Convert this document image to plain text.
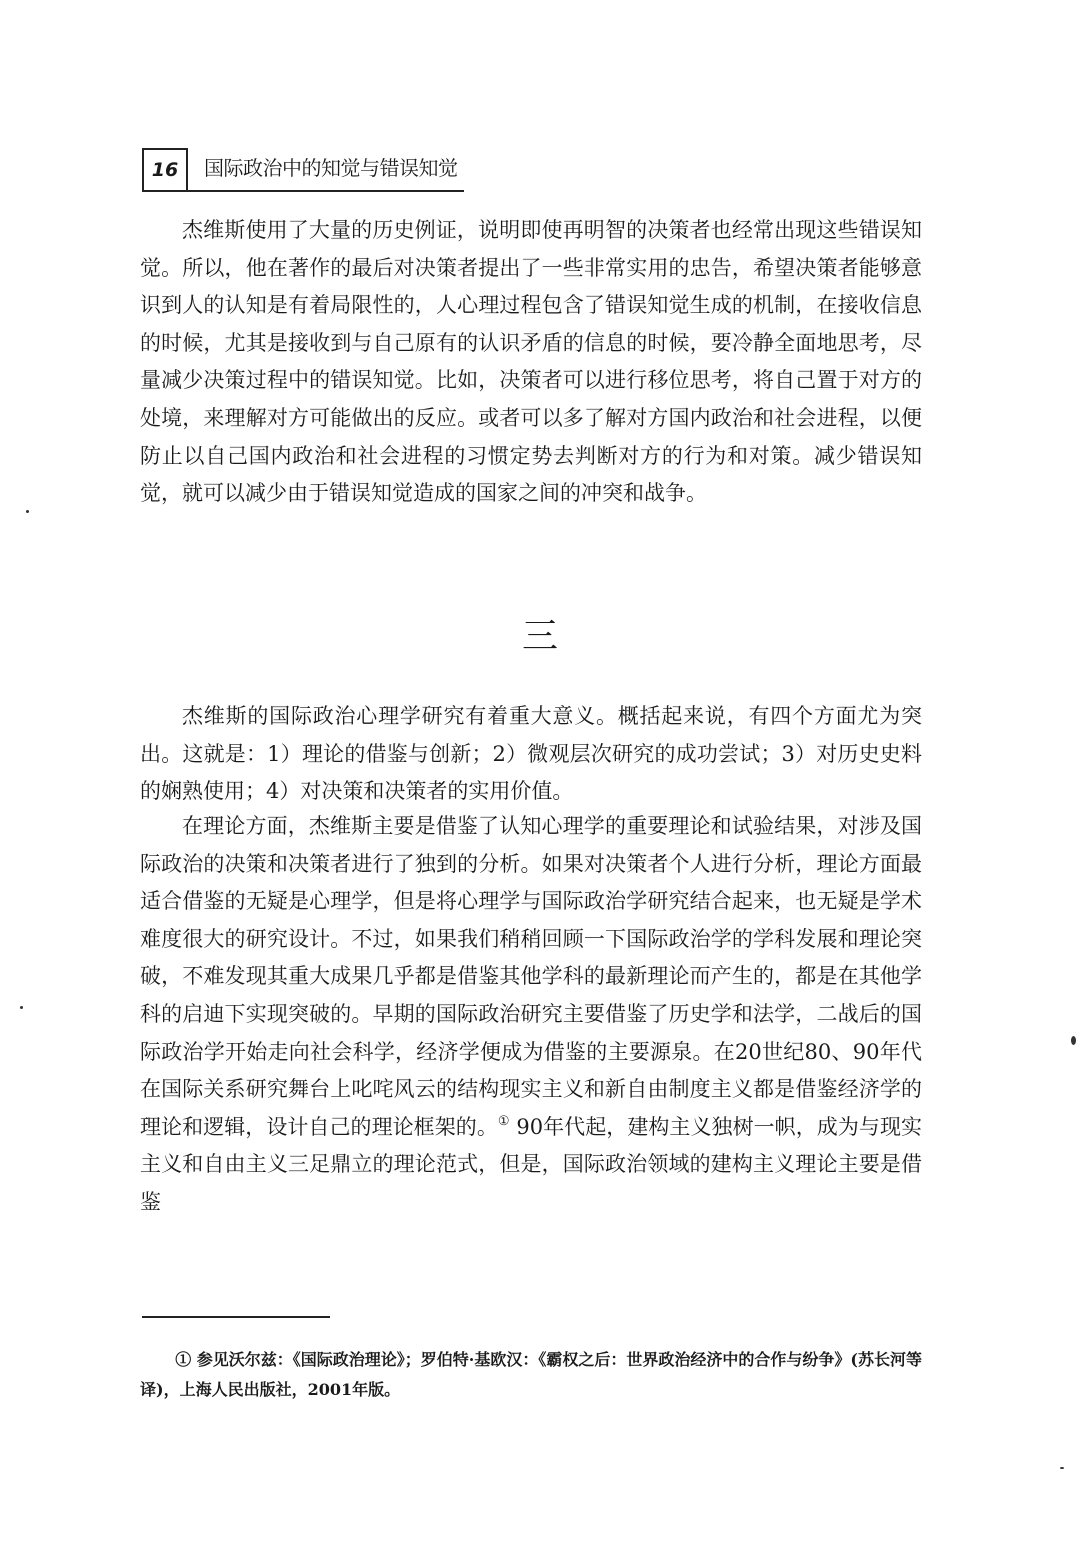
16	国际政治中的知觉与错误知觉

杰维斯使用了大量的历史例证，说明即使再明智的决策者也经常出现这些错误知觉。所以，他在著作的最后对决策者提出了一些非常实用的忠告，希望决策者能够意识到人的认知是有着局限性的，人心理过程包含了错误知觉生成的机制，在接收信息的时候，尤其是接收到与自己原有的认识矛盾的信息的时候，要冷静全面地思考，尽量减少决策过程中的错误知觉。比如，决策者可以进行移位思考，将自己置于对方的处境，来理解对方可能做出的反应。或者可以多了解对方国内政治和社会进程，以便防止以自己国内政治和社会进程的习惯定势去判断对方的行为和对策。减少错误知觉，就可以减少由于错误知觉造成的国家之间的冲突和战争。

三

杰维斯的国际政治心理学研究有着重大意义。概括起来说，有四个方面尤为突出。这就是：1）理论的借鉴与创新；2）微观层次研究的成功尝试；3）对历史史料的娴熟使用；4）对决策和决策者的实用价值。

在理论方面，杰维斯主要是借鉴了认知心理学的重要理论和试验结果，对涉及国际政治的决策和决策者进行了独到的分析。如果对决策者个人进行分析，理论方面最适合借鉴的无疑是心理学，但是将心理学与国际政治学研究结合起来，也无疑是学术难度很大的研究设计。不过，如果我们稍稍回顾一下国际政治学的学科发展和理论突破，不难发现其重大成果几乎都是借鉴其他学科的最新理论而产生的，都是在其他学科的启迪下实现突破的。早期的国际政治研究主要借鉴了历史学和法学，二战后的国际政治学开始走向社会科学，经济学便成为借鉴的主要源泉。在20世纪80、90年代在国际关系研究舞台上叱咤风云的结构现实主义和新自由制度主义都是借鉴经济学的理论和逻辑，设计自己的理论框架的。① 90年代起，建构主义独树一帜，成为与现实主义和自由主义三足鼎立的理论范式，但是，国际政治领域的建构主义理论主要是借鉴

① 参见沃尔兹：《国际政治理论》；罗伯特·基欧汉：《霸权之后：世界政治经济中的合作与纷争》(苏长河等译)，上海人民出版社，2001年版。
